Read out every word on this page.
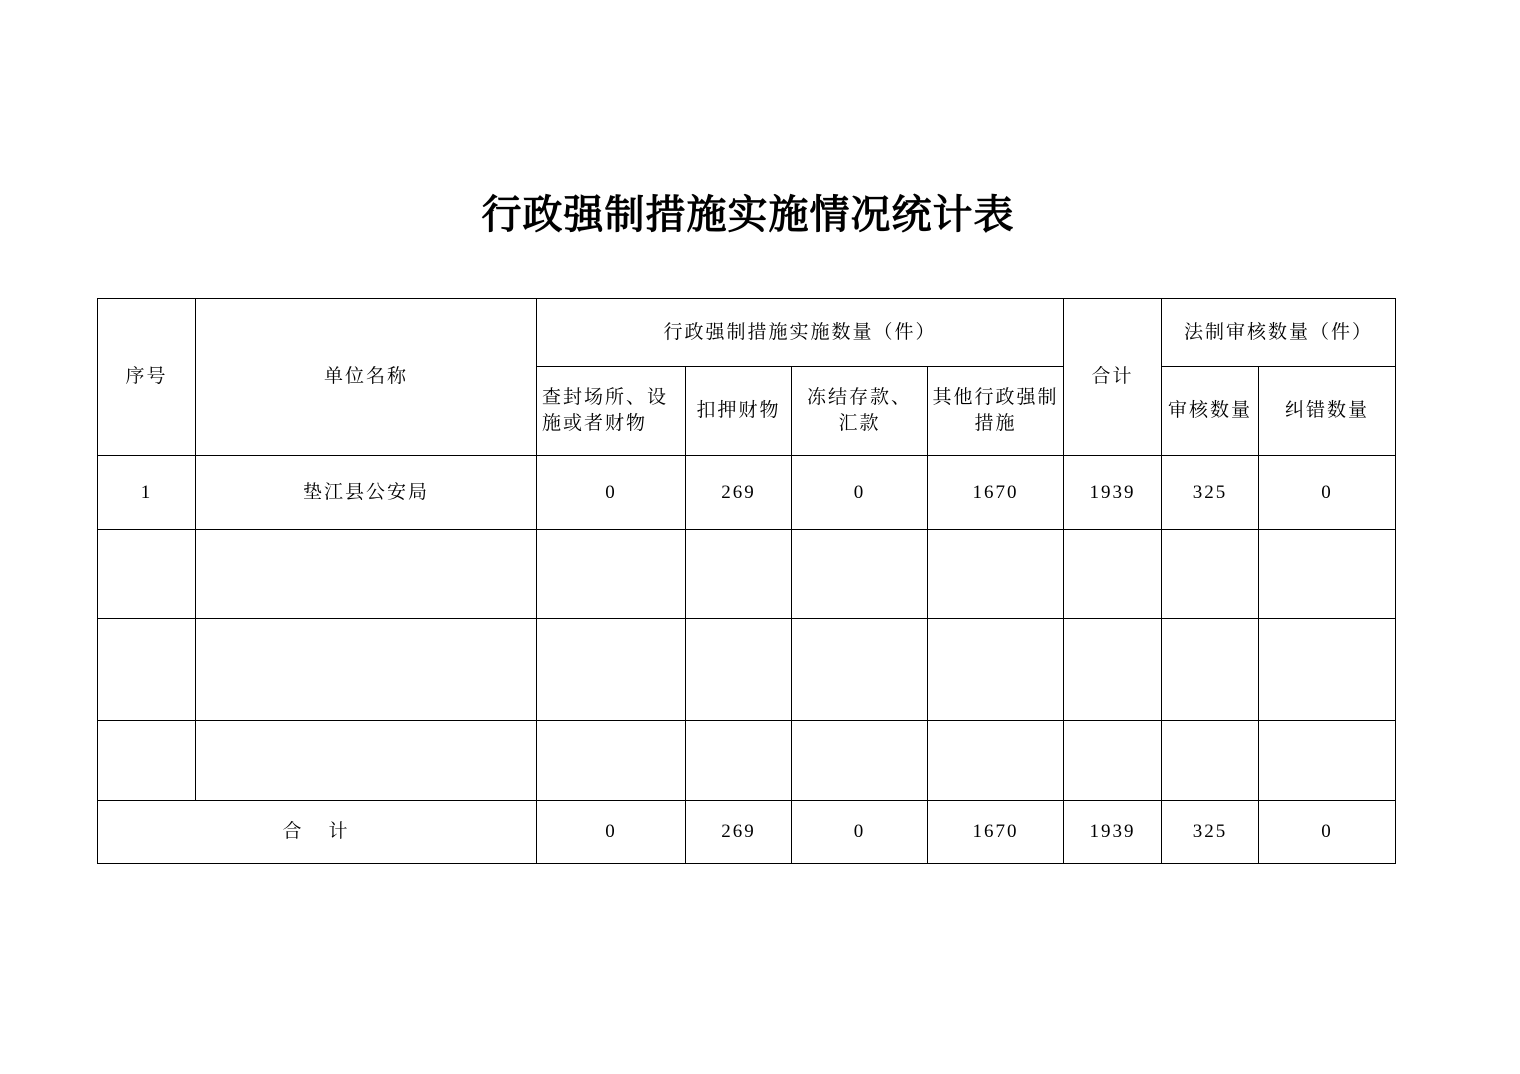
行政强制措施实施情况统计表
序号	单位名称	行政强制措施实施数量（件）				合计	法制审核数量（件）	
		查封场所、设施或者财物	扣押财物	冻结存款、汇款	其他行政强制措施		审核数量	纠错数量
1	垫江县公安局	0	269	0	1670	1939	325	0

合　计		0	269	0	1670	1939	325	0
